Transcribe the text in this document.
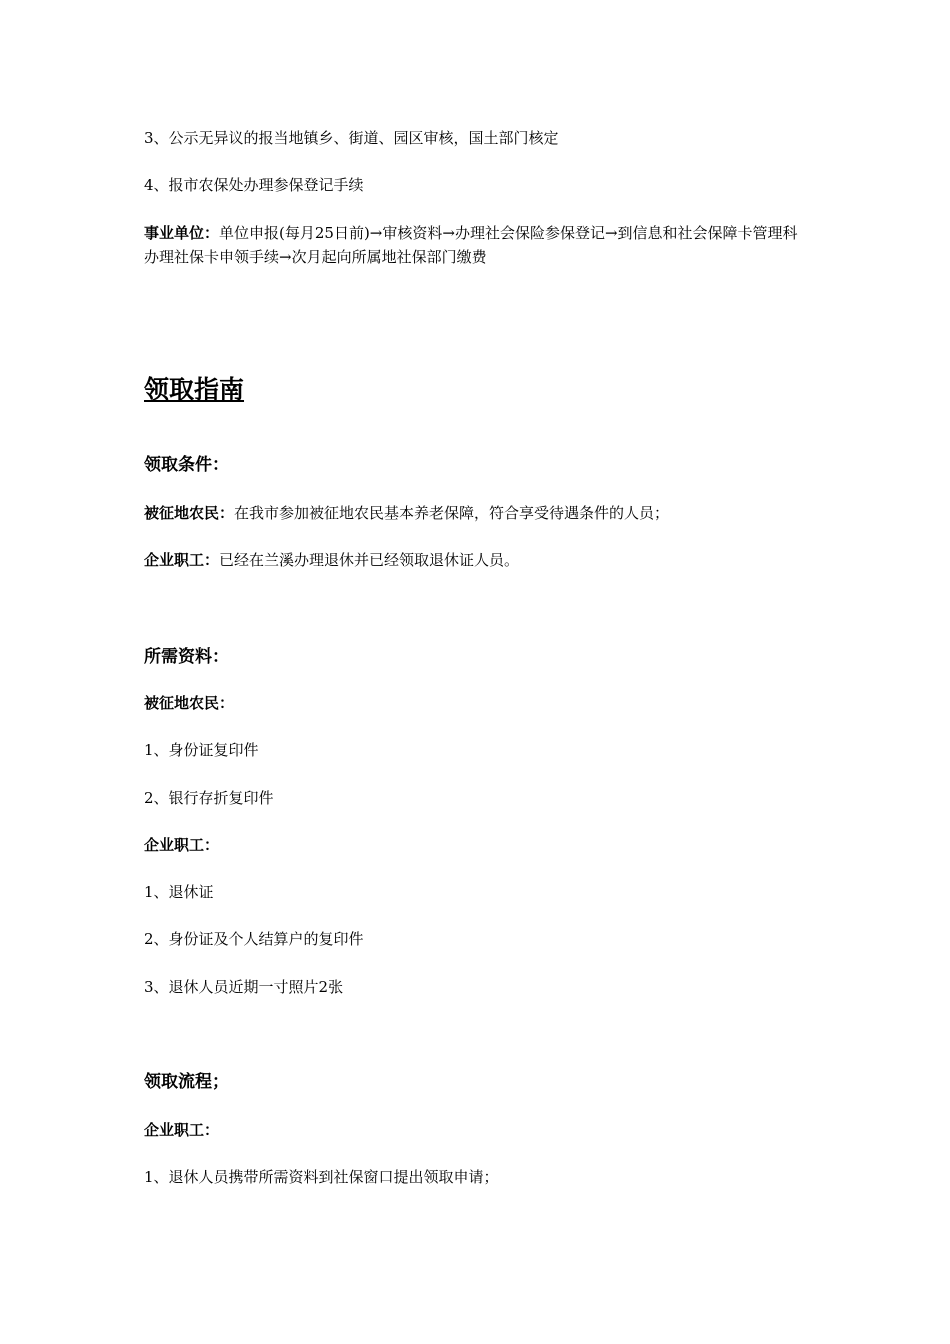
3、公示无异议的报当地镇乡、街道、园区审核，国土部门核定

4、报市农保处办理参保登记手续

事业单位：单位申报(每月25日前)→审核资料→办理社会保险参保登记→到信息和社会保障卡管理科办理社保卡申领手续→次月起向所属地社保部门缴费

领取指南

领取条件：

被征地农民：在我市参加被征地农民基本养老保障，符合享受待遇条件的人员；

企业职工：已经在兰溪办理退休并已经领取退休证人员。

所需资料：

被征地农民：

1、身份证复印件

2、银行存折复印件

企业职工：

1、退休证

2、身份证及个人结算户的复印件

3、退休人员近期一寸照片2张

领取流程；

企业职工：

1、退休人员携带所需资料到社保窗口提出领取申请；
